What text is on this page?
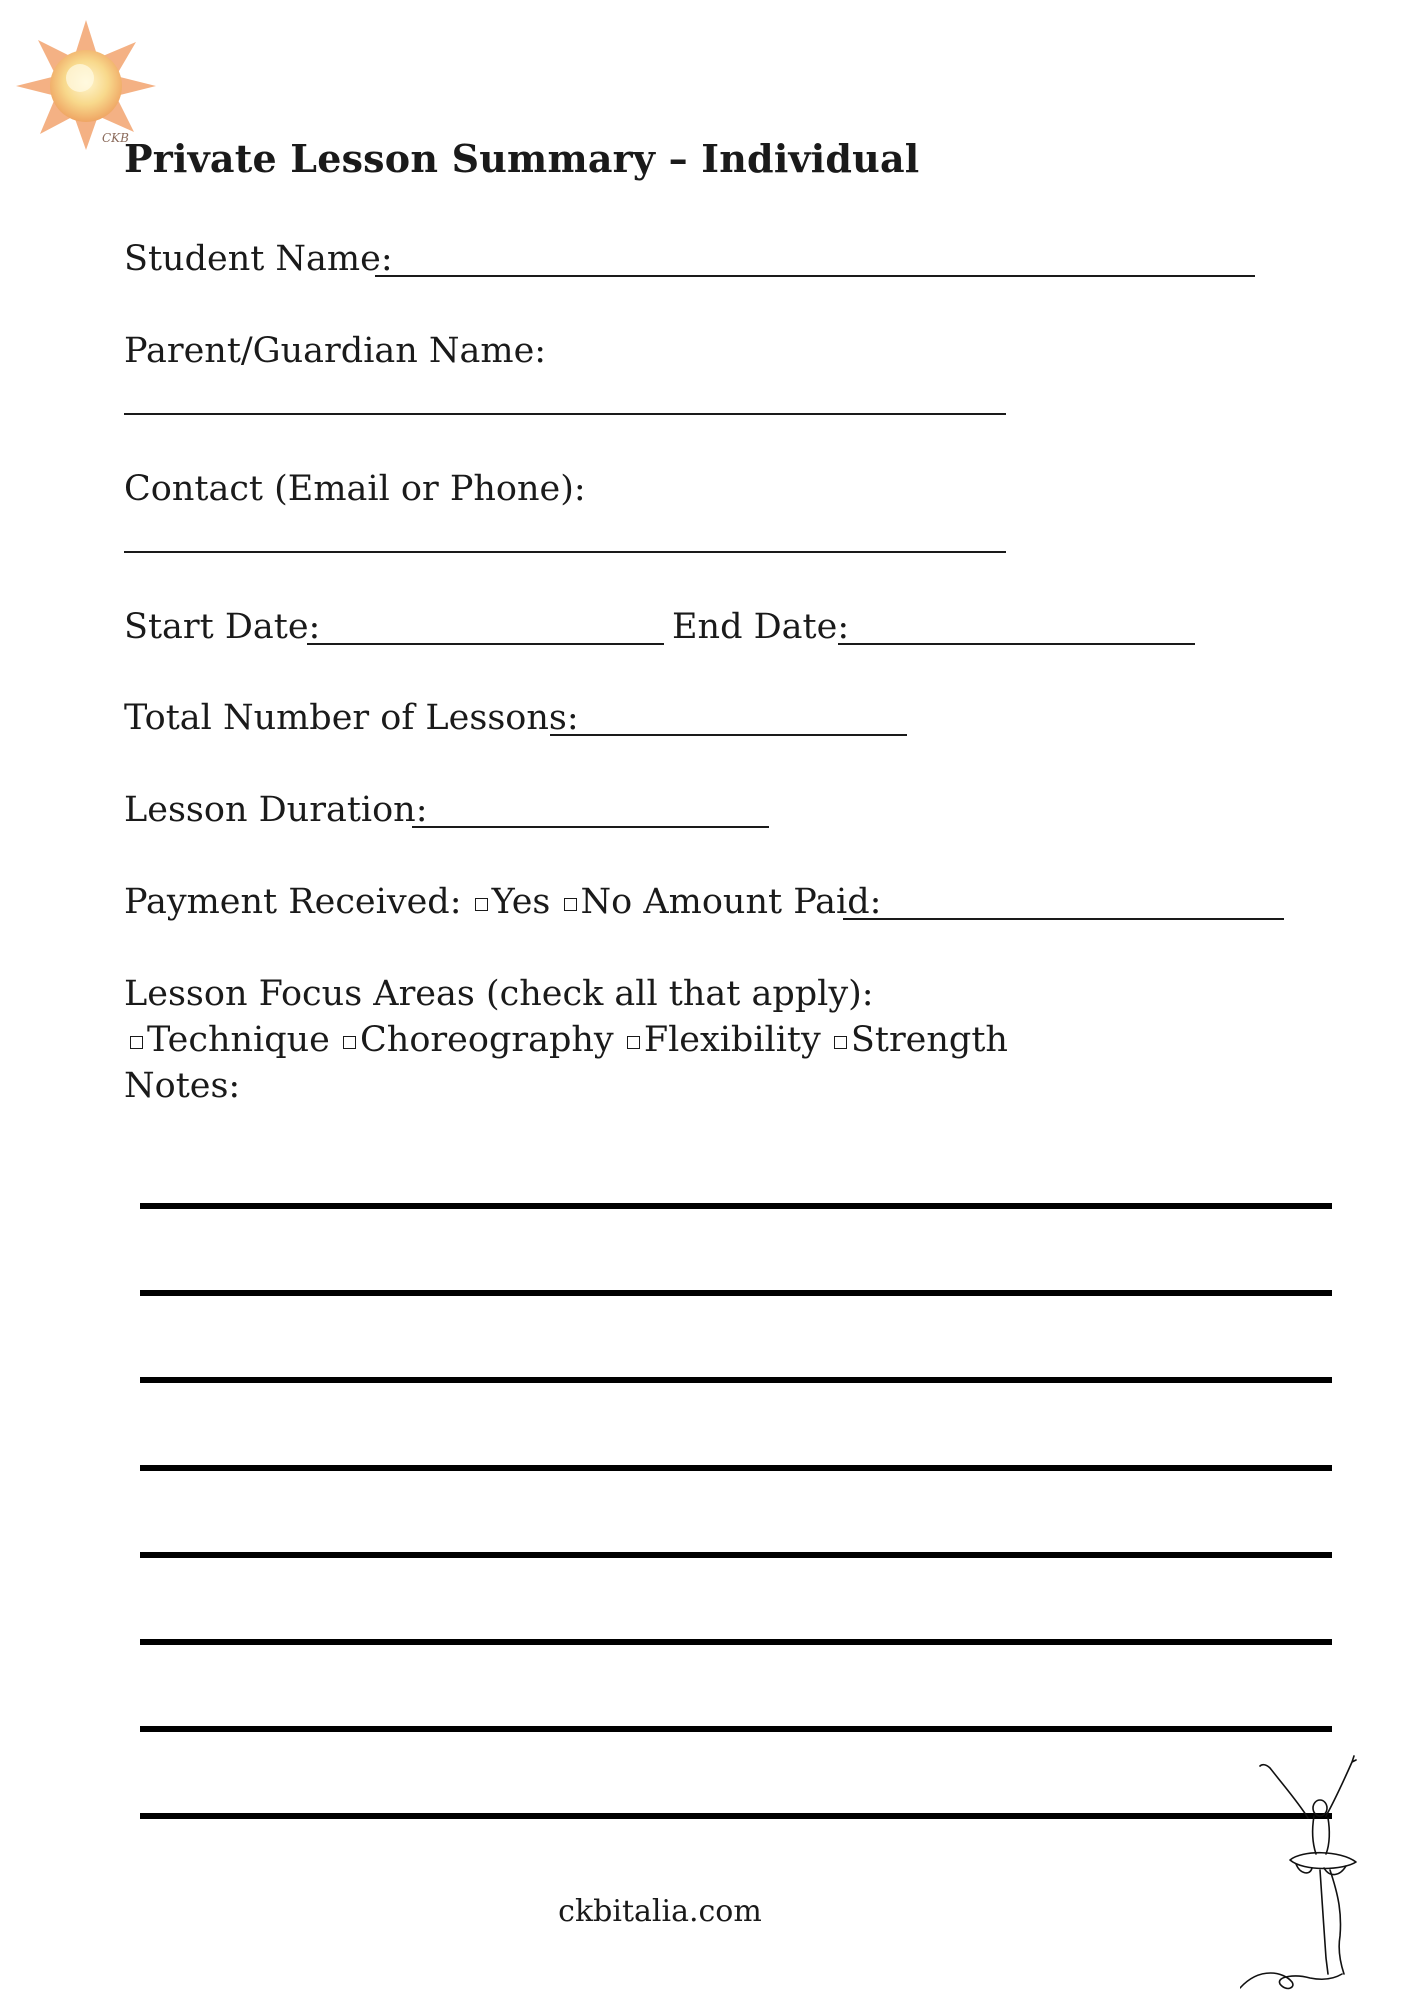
CKB
Private Lesson Summary – Individual
Student Name:
Parent/Guardian Name:
Contact (Email or Phone):
Start Date:	End Date:
Total Number of Lessons:
Lesson Duration:
Payment Received: Yes No Amount Paid:
Lesson Focus Areas (check all that apply):
Technique Choreography Flexibility Strength
Notes:
ckbitalia.com
